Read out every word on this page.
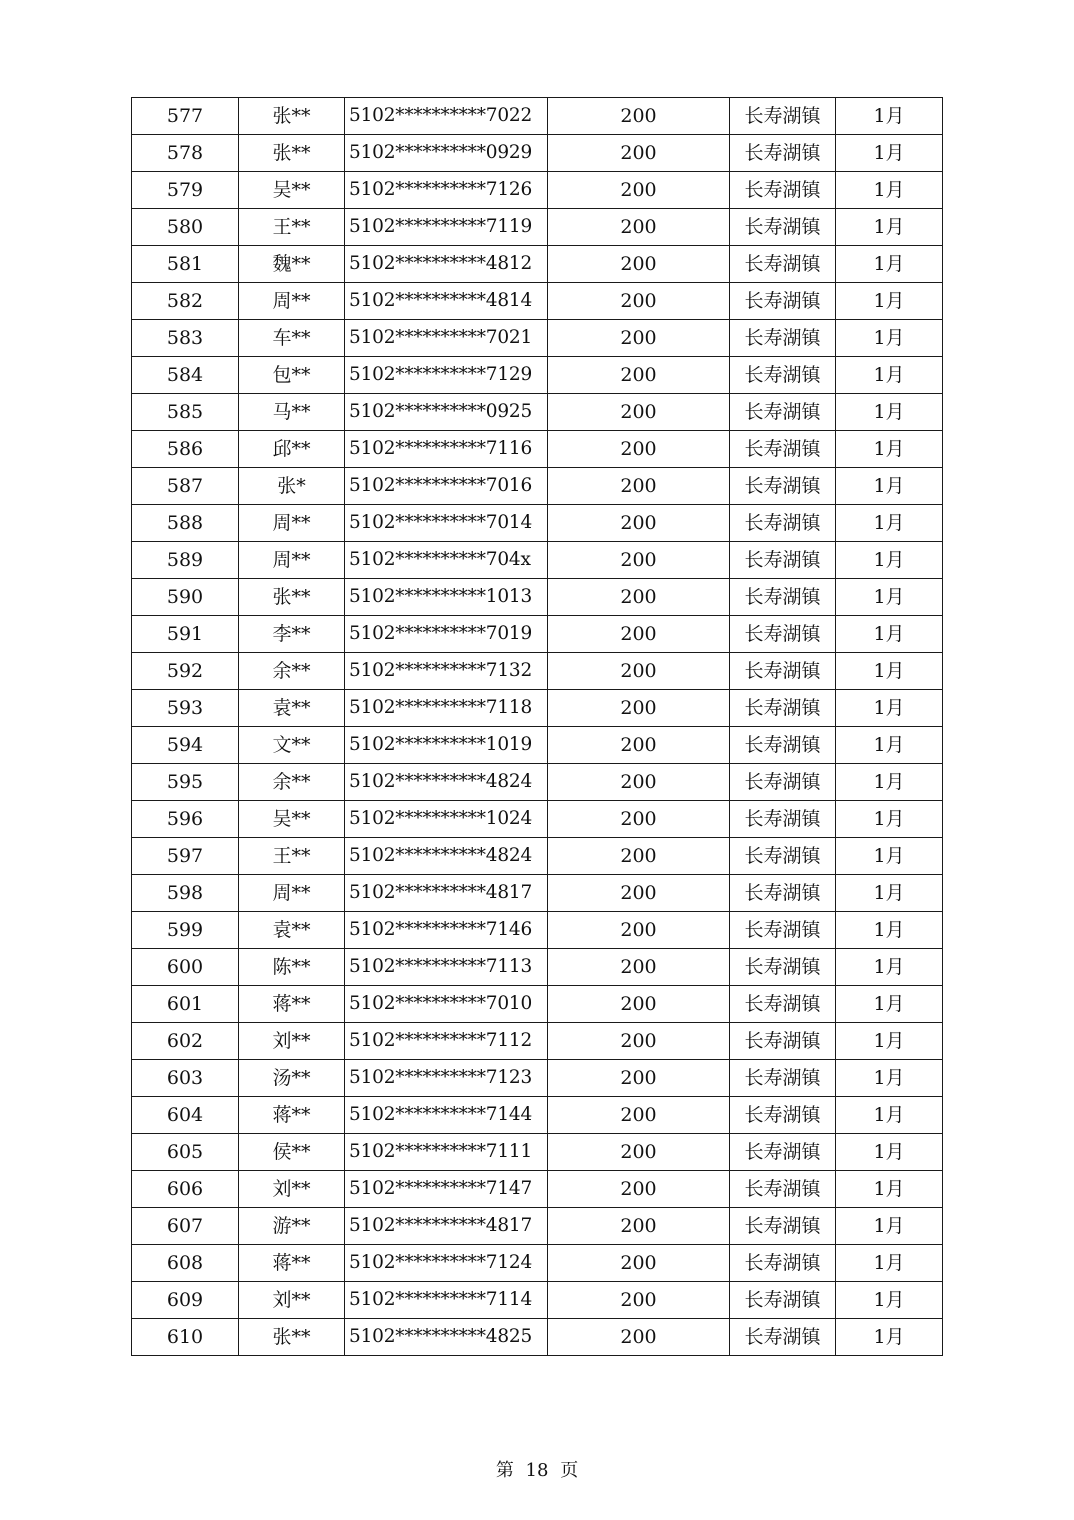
577	张**	5102**********7022	200	长寿湖镇	1月
578	张**	5102**********0929	200	长寿湖镇	1月
579	吴**	5102**********7126	200	长寿湖镇	1月
580	王**	5102**********7119	200	长寿湖镇	1月
581	魏**	5102**********4812	200	长寿湖镇	1月
582	周**	5102**********4814	200	长寿湖镇	1月
583	车**	5102**********7021	200	长寿湖镇	1月
584	包**	5102**********7129	200	长寿湖镇	1月
585	马**	5102**********0925	200	长寿湖镇	1月
586	邱**	5102**********7116	200	长寿湖镇	1月
587	张*	5102**********7016	200	长寿湖镇	1月
588	周**	5102**********7014	200	长寿湖镇	1月
589	周**	5102**********704x	200	长寿湖镇	1月
590	张**	5102**********1013	200	长寿湖镇	1月
591	李**	5102**********7019	200	长寿湖镇	1月
592	余**	5102**********7132	200	长寿湖镇	1月
593	袁**	5102**********7118	200	长寿湖镇	1月
594	文**	5102**********1019	200	长寿湖镇	1月
595	余**	5102**********4824	200	长寿湖镇	1月
596	吴**	5102**********1024	200	长寿湖镇	1月
597	王**	5102**********4824	200	长寿湖镇	1月
598	周**	5102**********4817	200	长寿湖镇	1月
599	袁**	5102**********7146	200	长寿湖镇	1月
600	陈**	5102**********7113	200	长寿湖镇	1月
601	蒋**	5102**********7010	200	长寿湖镇	1月
602	刘**	5102**********7112	200	长寿湖镇	1月
603	汤**	5102**********7123	200	长寿湖镇	1月
604	蒋**	5102**********7144	200	长寿湖镇	1月
605	侯**	5102**********7111	200	长寿湖镇	1月
606	刘**	5102**********7147	200	长寿湖镇	1月
607	游**	5102**********4817	200	长寿湖镇	1月
608	蒋**	5102**********7124	200	长寿湖镇	1月
609	刘**	5102**********7114	200	长寿湖镇	1月
610	张**	5102**********4825	200	长寿湖镇	1月
第 18 页
